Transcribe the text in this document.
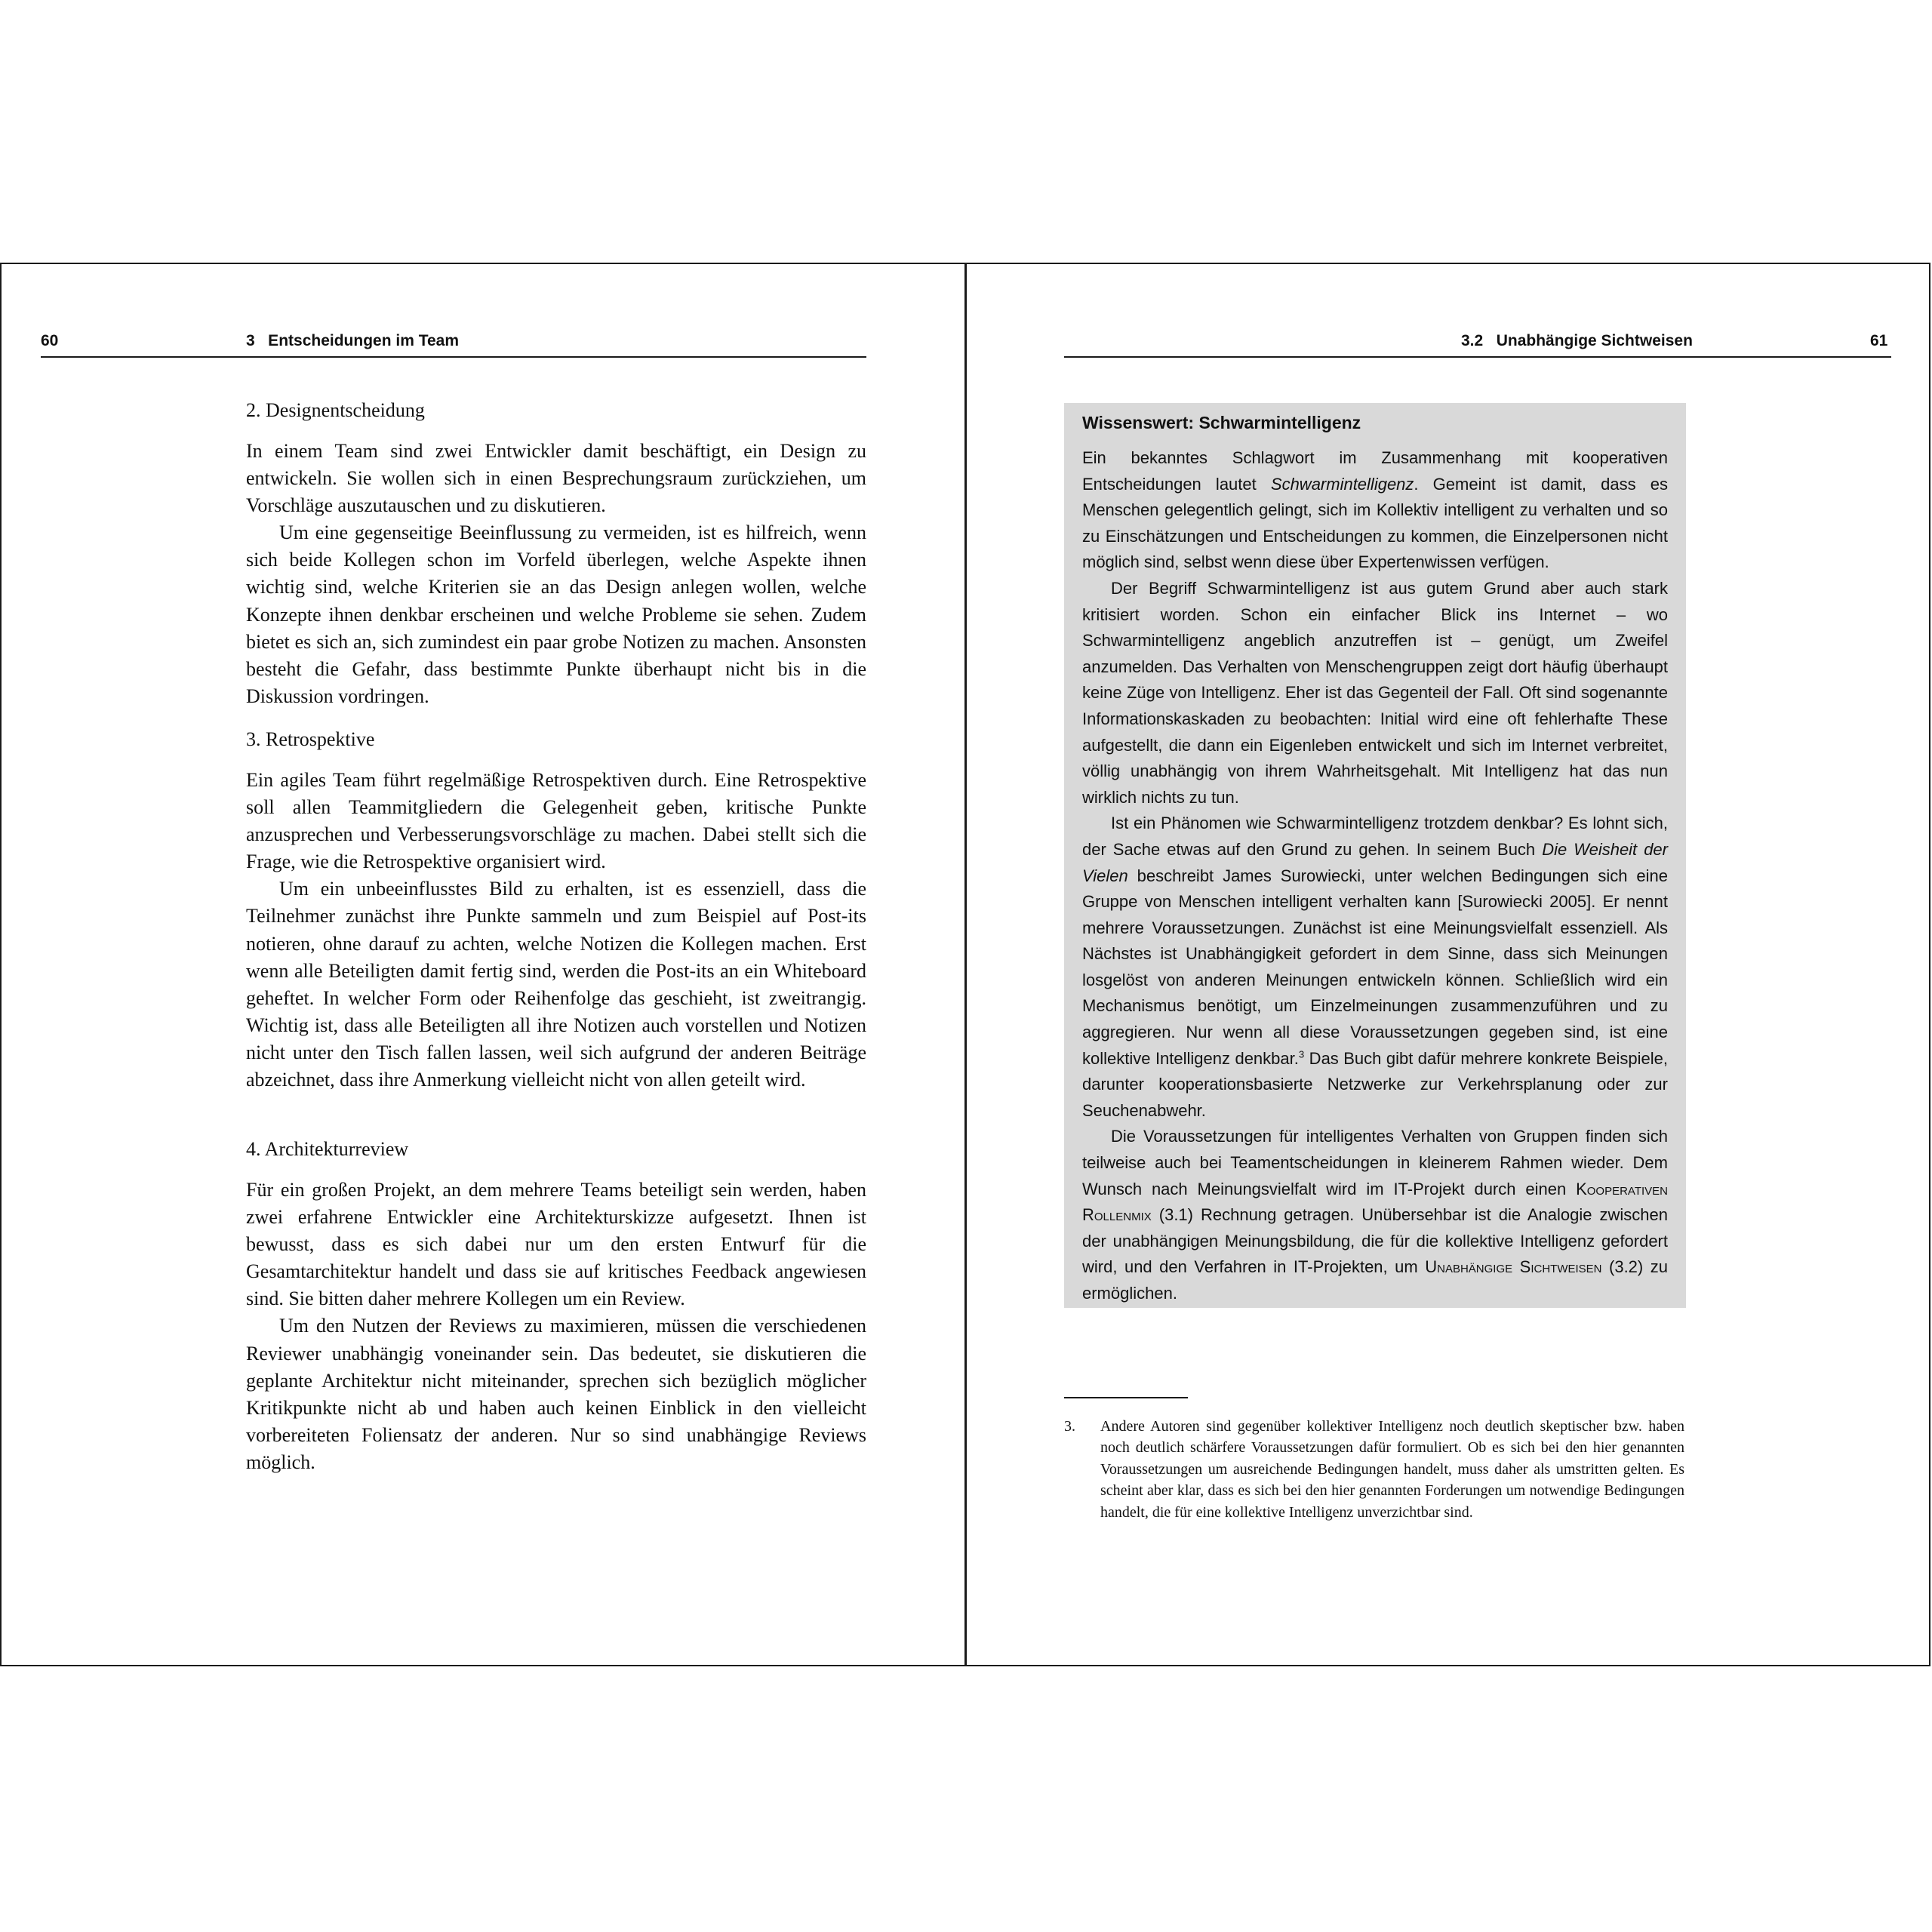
60	3   Entscheidungen im Team
2. Designentscheidung

In einem Team sind zwei Entwickler damit beschäftigt, ein Design zu entwickeln. Sie wollen sich in einen Besprechungsraum zurückziehen, um Vorschläge auszutauschen und zu diskutieren.

Um eine gegenseitige Beeinflussung zu vermeiden, ist es hilfreich, wenn sich beide Kollegen schon im Vorfeld überlegen, welche Aspekte ihnen wichtig sind, welche Kriterien sie an das Design anlegen wollen, welche Konzepte ihnen denkbar erscheinen und welche Probleme sie sehen. Zudem bietet es sich an, sich zumindest ein paar grobe Notizen zu machen. Ansonsten besteht die Gefahr, dass bestimmte Punkte überhaupt nicht bis in die Diskussion vordringen.

3. Retrospektive

Ein agiles Team führt regelmäßige Retrospektiven durch. Eine Retrospektive soll allen Teammitgliedern die Gelegenheit geben, kritische Punkte anzusprechen und Verbesserungsvorschläge zu machen. Dabei stellt sich die Frage, wie die Retrospektive organisiert wird.

Um ein unbeeinflusstes Bild zu erhalten, ist es essenziell, dass die Teilnehmer zunächst ihre Punkte sammeln und zum Beispiel auf Post-its notieren, ohne darauf zu achten, welche Notizen die Kollegen machen. Erst wenn alle Beteiligten damit fertig sind, werden die Post-its an ein Whiteboard geheftet. In welcher Form oder Reihenfolge das geschieht, ist zweitrangig. Wichtig ist, dass alle Beteiligten all ihre Notizen auch vorstellen und Notizen nicht unter den Tisch fallen lassen, weil sich aufgrund der anderen Beiträge abzeichnet, dass ihre Anmerkung vielleicht nicht von allen geteilt wird.

4. Architekturreview

Für ein großen Projekt, an dem mehrere Teams beteiligt sein werden, haben zwei erfahrene Entwickler eine Architekturskizze aufgesetzt. Ihnen ist bewusst, dass es sich dabei nur um den ersten Entwurf für die Gesamtarchitektur handelt und dass sie auf kritisches Feedback angewiesen sind. Sie bitten daher mehrere Kollegen um ein Review.

Um den Nutzen der Reviews zu maximieren, müssen die verschiedenen Reviewer unabhängig voneinander sein. Das bedeutet, sie diskutieren die geplante Architektur nicht miteinander, sprechen sich bezüglich möglicher Kritikpunkte nicht ab und haben auch keinen Einblick in den vielleicht vorbereiteten Foliensatz der anderen. Nur so sind unabhängige Reviews möglich.

3.2   Unabhängige Sichtweisen	61
Wissenswert: Schwarmintelligenz

Ein bekanntes Schlagwort im Zusammenhang mit kooperativen Entscheidungen lautet Schwarmintelligenz. Gemeint ist damit, dass es Menschen gelegentlich gelingt, sich im Kollektiv intelligent zu verhalten und so zu Einschätzungen und Entscheidungen zu kommen, die Einzelpersonen nicht möglich sind, selbst wenn diese über Expertenwissen verfügen.

Der Begriff Schwarmintelligenz ist aus gutem Grund aber auch stark kritisiert worden. Schon ein einfacher Blick ins Internet – wo Schwarmintelligenz angeblich anzutreffen ist – genügt, um Zweifel anzumelden. Das Verhalten von Menschengruppen zeigt dort häufig überhaupt keine Züge von Intelligenz. Eher ist das Gegenteil der Fall. Oft sind sogenannte Informationskaskaden zu beobachten: Initial wird eine oft fehlerhafte These aufgestellt, die dann ein Eigenleben entwickelt und sich im Internet verbreitet, völlig unabhängig von ihrem Wahrheitsgehalt. Mit Intelligenz hat das nun wirklich nichts zu tun.

Ist ein Phänomen wie Schwarmintelligenz trotzdem denkbar? Es lohnt sich, der Sache etwas auf den Grund zu gehen. In seinem Buch Die Weisheit der Vielen beschreibt James Surowiecki, unter welchen Bedingungen sich eine Gruppe von Menschen intelligent verhalten kann [Surowiecki 2005]. Er nennt mehrere Voraussetzungen. Zunächst ist eine Meinungsvielfalt essenziell. Als Nächstes ist Unabhängigkeit gefordert in dem Sinne, dass sich Meinungen losgelöst von anderen Meinungen entwickeln können. Schließlich wird ein Mechanismus benötigt, um Einzelmeinungen zusammenzuführen und zu aggregieren. Nur wenn all diese Voraussetzungen gegeben sind, ist eine kollektive Intelligenz denkbar.$^3$ Das Buch gibt dafür mehrere konkrete Beispiele, darunter kooperationsbasierte Netzwerke zur Verkehrsplanung oder zur Seuchenabwehr.

Die Voraussetzungen für intelligentes Verhalten von Gruppen finden sich teilweise auch bei Teamentscheidungen in kleinerem Rahmen wieder. Dem Wunsch nach Meinungsvielfalt wird im IT-Projekt durch einen Kooperativen Rollenmix (3.1) Rechnung getragen. Unübersehbar ist die Analogie zwischen der unabhängigen Meinungsbildung, die für die kollektive Intelligenz gefordert wird, und den Verfahren in IT-Projekten, um Unabhängige Sichtweisen (3.2) zu ermöglichen.

3. Andere Autoren sind gegenüber kollektiver Intelligenz noch deutlich skeptischer bzw. haben noch deutlich schärfere Voraussetzungen dafür formuliert. Ob es sich bei den hier genannten Voraussetzungen um ausreichende Bedingungen handelt, muss daher als umstritten gelten. Es scheint aber klar, dass es sich bei den hier genannten Forderungen um notwendige Bedingungen handelt, die für eine kollektive Intelligenz unverzichtbar sind.
